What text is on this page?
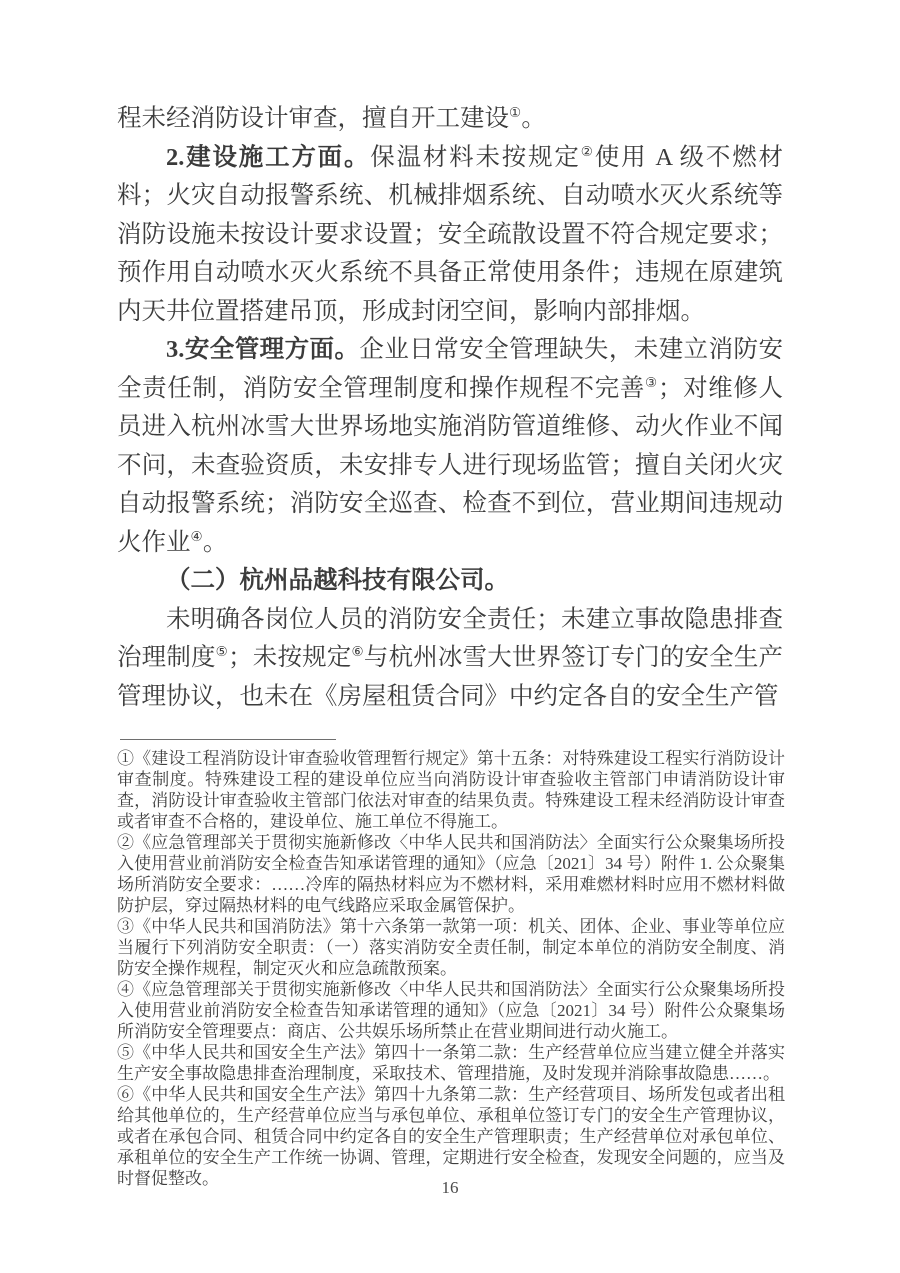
程未经消防设计审查，擅自开工建设①。

2.建设施工方面。保温材料未按规定②使用 A 级不燃材料；火灾自动报警系统、机械排烟系统、自动喷水灭火系统等消防设施未按设计要求设置；安全疏散设置不符合规定要求；预作用自动喷水灭火系统不具备正常使用条件；违规在原建筑内天井位置搭建吊顶，形成封闭空间，影响内部排烟。

3.安全管理方面。企业日常安全管理缺失，未建立消防安全责任制，消防安全管理制度和操作规程不完善③；对维修人员进入杭州冰雪大世界场地实施消防管道维修、动火作业不闻不问，未查验资质，未安排专人进行现场监管；擅自关闭火灾自动报警系统；消防安全巡查、检查不到位，营业期间违规动火作业④。

（二）杭州品越科技有限公司。

未明确各岗位人员的消防安全责任；未建立事故隐患排查治理制度⑤；未按规定⑥与杭州冰雪大世界签订专门的安全生产管理协议，也未在《房屋租赁合同》中约定各自的安全生产管

①《建设工程消防设计审查验收管理暂行规定》第十五条：对特殊建设工程实行消防设计审查制度。特殊建设工程的建设单位应当向消防设计审查验收主管部门申请消防设计审查，消防设计审查验收主管部门依法对审查的结果负责。特殊建设工程未经消防设计审查或者审查不合格的，建设单位、施工单位不得施工。

②《应急管理部关于贯彻实施新修改〈中华人民共和国消防法〉全面实行公众聚集场所投入使用营业前消防安全检查告知承诺管理的通知》（应急〔2021〕34 号）附件 1. 公众聚集场所消防安全要求：……冷库的隔热材料应为不燃材料，采用难燃材料时应用不燃材料做防护层，穿过隔热材料的电气线路应采取金属管保护。

③《中华人民共和国消防法》第十六条第一款第一项：机关、团体、企业、事业等单位应当履行下列消防安全职责：（一）落实消防安全责任制，制定本单位的消防安全制度、消防安全操作规程，制定灭火和应急疏散预案。

④《应急管理部关于贯彻实施新修改〈中华人民共和国消防法〉全面实行公众聚集场所投入使用营业前消防安全检查告知承诺管理的通知》（应急〔2021〕34 号）附件公众聚集场所消防安全管理要点：商店、公共娱乐场所禁止在营业期间进行动火施工。

⑤《中华人民共和国安全生产法》第四十一条第二款：生产经营单位应当建立健全并落实生产安全事故隐患排查治理制度，采取技术、管理措施，及时发现并消除事故隐患……。

⑥《中华人民共和国安全生产法》第四十九条第二款：生产经营项目、场所发包或者出租给其他单位的，生产经营单位应当与承包单位、承租单位签订专门的安全生产管理协议，或者在承包合同、租赁合同中约定各自的安全生产管理职责；生产经营单位对承包单位、承租单位的安全生产工作统一协调、管理，定期进行安全检查，发现安全问题的，应当及时督促整改。	16
